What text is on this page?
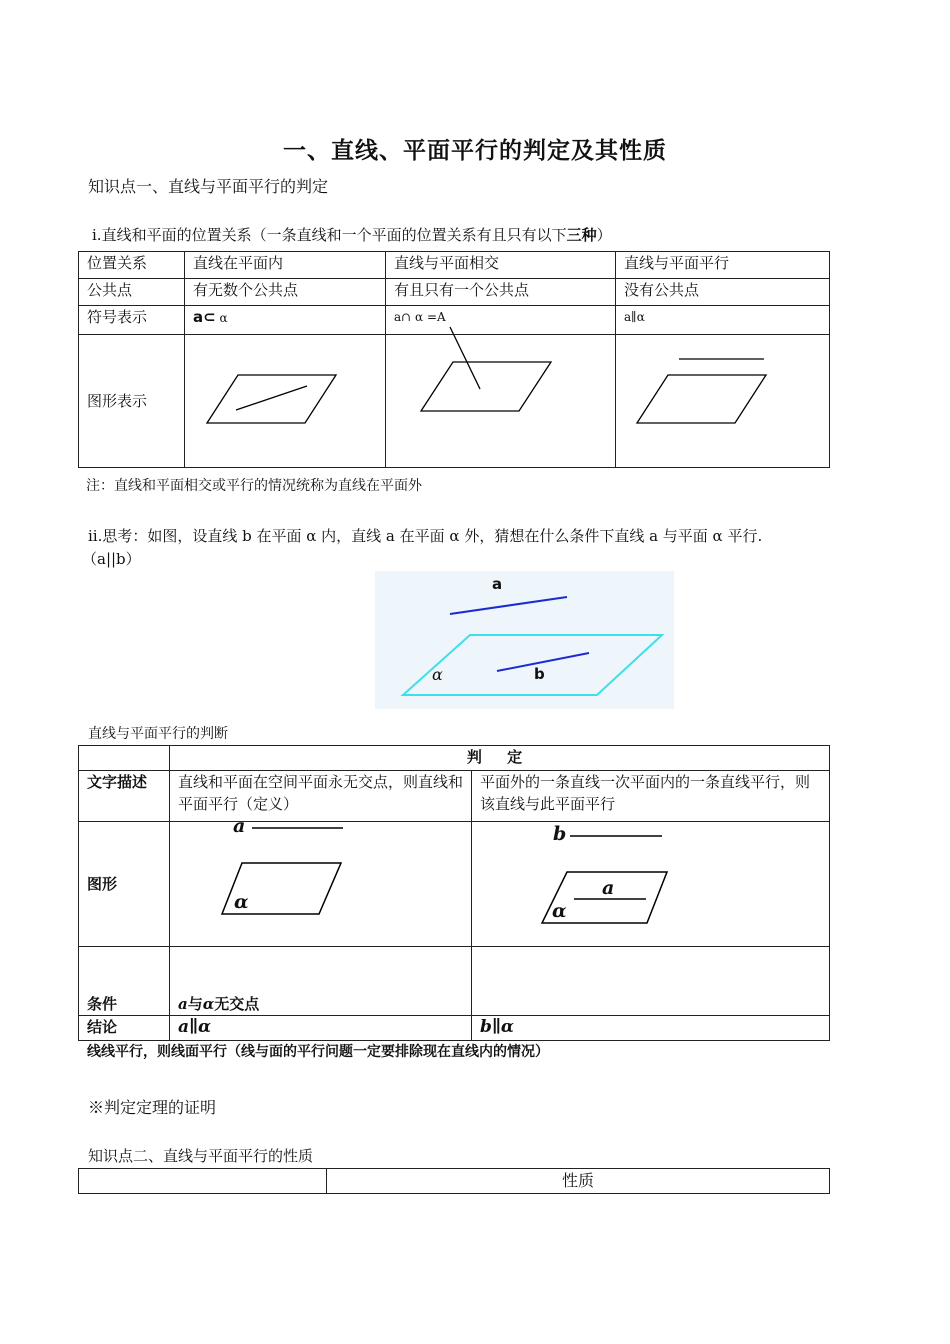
一、直线、平面平行的判定及其性质
知识点一、直线与平面平行的判定
ⅰ.直线和平面的位置关系（一条直线和一个平面的位置关系有且只有以下三种）
位置关系	直线在平面内	直线与平面相交	直线与平面平行
公共点	有无数个公共点	有且只有一个公共点	没有公共点
符号表示	a⊂ α	a∩ α =A	a∥α
图形表示			
注：直线和平面相交或平行的情况统称为直线在平面外
ⅱ.思考：如图，设直线 b 在平面 α 内，直线 a 在平面 α 外，猜想在什么条件下直线 a 与平面 α 平行.
（a||b）
a
b
α
直线与平面平行的判断
	判 定	
文字描述	直线和平面在空间平面永无交点，则直线和平面平行（定义）	平面外的一条直线一次平面内的一条直线平行，则该直线与此平面平行
图形		
条件	a与α无交点	
结论	a∥α	b∥α
a
α
b
a
α
线线平行，则线面平行（线与面的平行问题一定要排除现在直线内的情况）
※判定定理的证明
知识点二、直线与平面平行的性质
	性质
